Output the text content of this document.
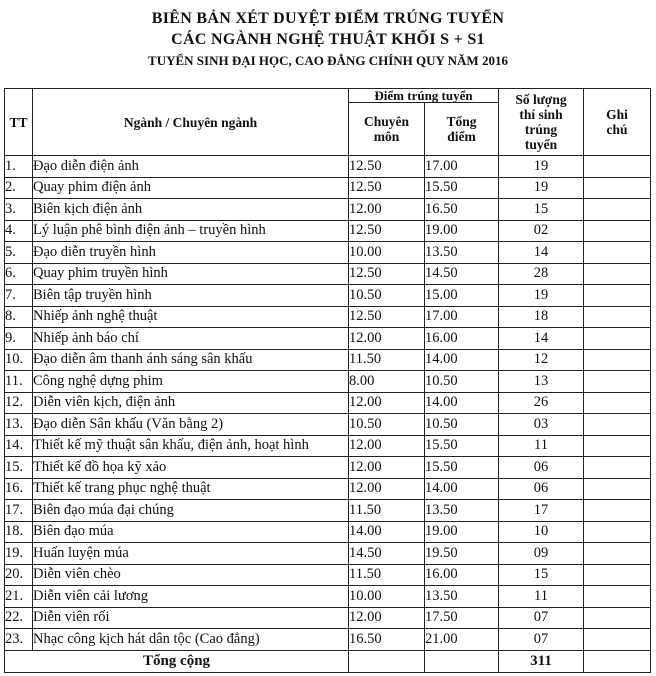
BIÊN BẢN XÉT DUYỆT ĐIỂM TRÚNG TUYỂN
CÁC NGÀNH NGHỆ THUẬT KHỐI S + S1
TUYỂN SINH ĐẠI HỌC, CAO ĐẲNG CHÍNH QUY NĂM 2016
TT	Ngành / Chuyên ngành	Điểm trúng tuyển		Số lượng thí sinh trúng tuyển	Ghi chú
		Chuyên môn	Tổng điểm		
1.	Đạo diễn điện ảnh	12.50	17.00	19	
2.	Quay phim điện ảnh	12.50	15.50	19	
3.	Biên kịch điện ảnh	12.00	16.50	15	
4.	Lý luận phê bình điện ảnh – truyền hình	12.50	19.00	02	
5.	Đạo diễn truyền hình	10.00	13.50	14	
6.	Quay phim truyền hình	12.50	14.50	28	
7.	Biên tập truyền hình	10.50	15.00	19	
8.	Nhiếp ảnh nghệ thuật	12.50	17.00	18	
9.	Nhiếp ảnh báo chí	12.00	16.00	14	
10.	Đạo diễn âm thanh ánh sáng sân khấu	11.50	14.00	12	
11.	Công nghệ dựng phim	8.00	10.50	13	
12.	Diễn viên kịch, điện ảnh	12.00	14.00	26	
13.	Đạo diễn Sân khấu (Văn bằng 2)	10.50	10.50	03	
14.	Thiết kế mỹ thuật sân khấu, điện ảnh, hoạt hình	12.00	15.50	11	
15.	Thiết kế đồ họa kỹ xảo	12.00	15.50	06	
16.	Thiết kế trang phục nghệ thuật	12.00	14.00	06	
17.	Biên đạo múa đại chúng	11.50	13.50	17	
18.	Biên đạo múa	14.00	19.00	10	
19.	Huấn luyện múa	14.50	19.50	09	
20.	Diễn viên chèo	11.50	16.00	15	
21.	Diễn viên cải lương	10.00	13.50	11	
22.	Diễn viên rối	12.00	17.50	07	
23.	Nhạc công kịch hát dân tộc (Cao đẳng)	16.50	21.00	07	
Tổng cộng				311	
